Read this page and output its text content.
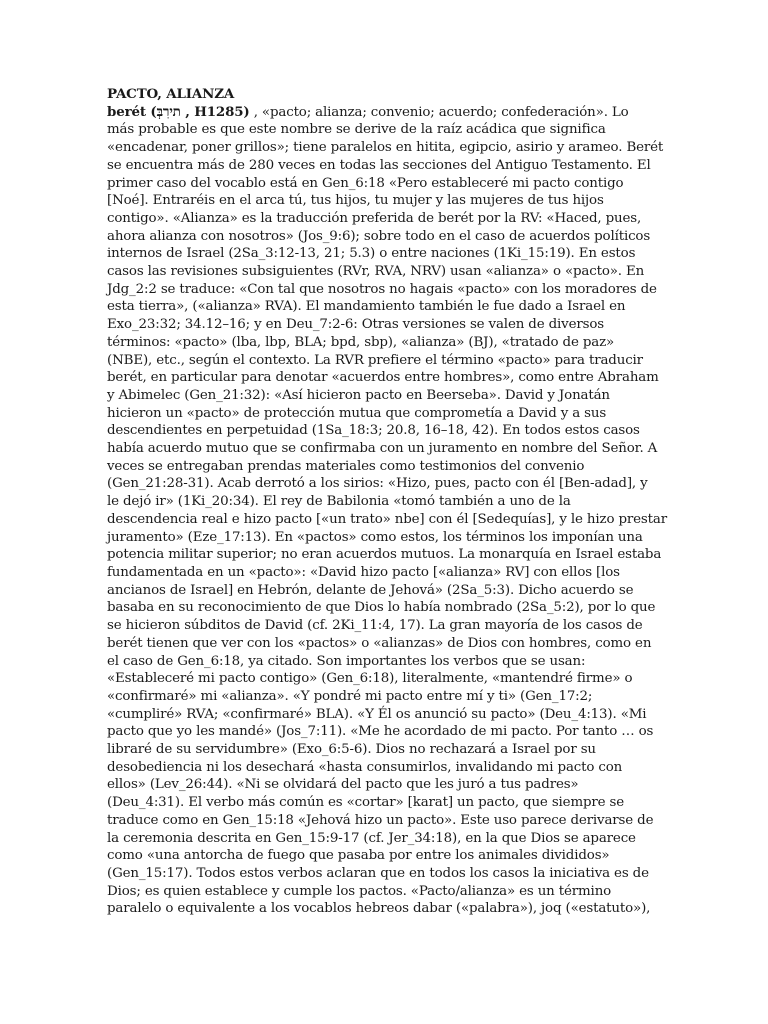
PACTO, ALIANZA
berét (תירִבְּ , H1285) , «pacto; alianza; convenio; acuerdo; confederación». Lo
más probable es que este nombre se derive de la raíz acádica que significa
«encadenar, poner grillos»; tiene paralelos en hitita, egipcio, asirio y arameo. Berét
se encuentra más de 280 veces en todas las secciones del Antiguo Testamento. El
primer caso del vocablo está en Gen_6:18 «Pero estableceré mi pacto contigo
[Noé]. Entraréis en el arca tú, tus hijos, tu mujer y las mujeres de tus hijos
contigo». «Alianza» es la traducción preferida de berét por la RV: «Haced, pues,
ahora alianza con nosotros» (Jos_9:6); sobre todo en el caso de acuerdos políticos
internos de Israel (2Sa_3:12-13, 21; 5.3) o entre naciones (1Ki_15:19). En estos
casos las revisiones subsiguientes (RVr, RVA, NRV) usan «alianza» o «pacto». En
Jdg_2:2 se traduce: «Con tal que nosotros no hagais «pacto» con los moradores de
esta tierra», («alianza» RVA). El mandamiento también le fue dado a Israel en
Exo_23:32; 34.12–16; y en Deu_7:2-6: Otras versiones se valen de diversos
términos: «pacto» (lba, lbp, BLA; bpd, sbp), «alianza» (BJ), «tratado de paz»
(NBE), etc., según el contexto. La RVR prefiere el término «pacto» para traducir
berét, en particular para denotar «acuerdos entre hombres», como entre Abraham
y Abimelec (Gen_21:32): «Así hicieron pacto en Beerseba». David y Jonatán
hicieron un «pacto» de protección mutua que comprometía a David y a sus
descendientes en perpetuidad (1Sa_18:3; 20.8, 16–18, 42). En todos estos casos
había acuerdo mutuo que se confirmaba con un juramento en nombre del Señor. A
veces se entregaban prendas materiales como testimonios del convenio
(Gen_21:28-31). Acab derrotó a los sirios: «Hizo, pues, pacto con él [Ben-adad], y
le dejó ir» (1Ki_20:34). El rey de Babilonia «tomó también a uno de la
descendencia real e hizo pacto [«un trato» nbe] con él [Sedequías], y le hizo prestar
juramento» (Eze_17:13). En «pactos» como estos, los términos los imponían una
potencia militar superior; no eran acuerdos mutuos. La monarquía en Israel estaba
fundamentada en un «pacto»: «David hizo pacto [«alianza» RV] con ellos [los
ancianos de Israel] en Hebrón, delante de Jehová» (2Sa_5:3). Dicho acuerdo se
basaba en su reconocimiento de que Dios lo había nombrado (2Sa_5:2), por lo que
se hicieron súbditos de David (cf. 2Ki_11:4, 17). La gran mayoría de los casos de
berét tienen que ver con los «pactos» o «alianzas» de Dios con hombres, como en
el caso de Gen_6:18, ya citado. Son importantes los verbos que se usan:
«Estableceré mi pacto contigo» (Gen_6:18), literalmente, «mantendré firme» o
«confirmaré» mi «alianza». «Y pondré mi pacto entre mí y ti» (Gen_17:2;
«cumpliré» RVA; «confirmaré» BLA). «Y Él os anunció su pacto» (Deu_4:13). «Mi
pacto que yo les mandé» (Jos_7:11). «Me he acordado de mi pacto. Por tanto … os
libraré de su servidumbre» (Exo_6:5-6). Dios no rechazará a Israel por su
desobediencia ni los desechará «hasta consumirlos, invalidando mi pacto con
ellos» (Lev_26:44). «Ni se olvidará del pacto que les juró a tus padres»
(Deu_4:31). El verbo más común es «cortar» [karat] un pacto, que siempre se
traduce como en Gen_15:18 «Jehová hizo un pacto». Este uso parece derivarse de
la ceremonia descrita en Gen_15:9-17 (cf. Jer_34:18), en la que Dios se aparece
como «una antorcha de fuego que pasaba por entre los animales divididos»
(Gen_15:17). Todos estos verbos aclaran que en todos los casos la iniciativa es de
Dios; es quien establece y cumple los pactos. «Pacto/alianza» es un término
paralelo o equivalente a los vocablos hebreos dabar («palabra»), joq («estatuto»),
